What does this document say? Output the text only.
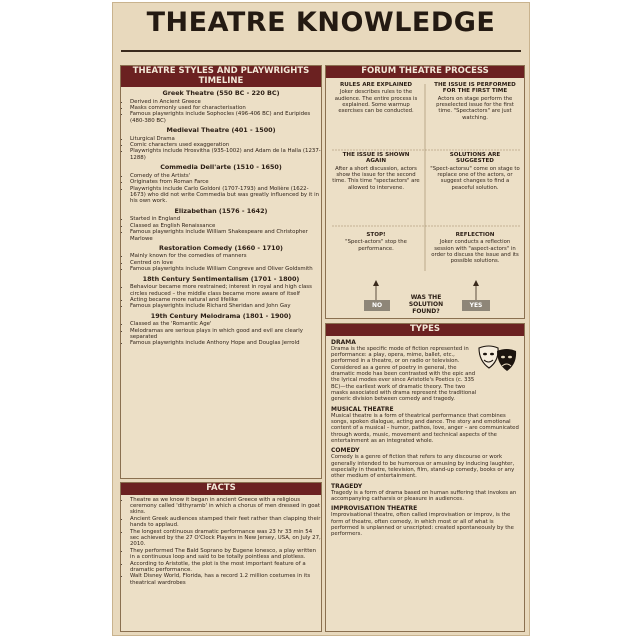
THEATRE KNOWLEDGE
THEATRE STYLES AND PLAYWRIGHTS TIMELINE
Greek Theatre (550 BC - 220 BC)
• Derived in Ancient Greece
• Masks commonly used for characterisation
• Famous playwrights include Sophocles (496-406 BC) and Euripides (480-380 BC)
Medieval Theatre (401 - 1500)
• Liturgical Drama
• Comic characters used exaggeration
• Playwrights include Hrosvitha (935-1002) and Adam de la Halla (1237-1288)
Commedia Dell'arte (1510 - 1650)
• Comedy of the Artists'
• Originates from Roman Farce
• Playwrights include Carlo Goldoni (1707-1793) and Molière (1622-1673) who did not write Commedia but was greatly influenced by it in his own work.
Elizabethan (1576 - 1642)
• Started in England
• Classed as English Renaissance
• Famous playwrights include William Shakespeare and Christopher Marlowe
Restoration Comedy (1660 - 1710)
• Mainly known for the comedies of manners
• Centred on love
• Famous playwrights include William Congreve and Oliver Goldsmith
18th Century Sentimentalism (1701 - 1800)
• Behaviour became more restrained; interest in royal and high class circles reduced – the middle class became more aware of itself
• Acting became more natural and lifelike
• Famous playwrights include Richard Sheridan and John Gay
19th Century Melodrama (1801 - 1900)
• Classed as the 'Romantic Age'
• Melodramas are serious plays in which good and evil are clearly separated
• Famous playwrights include Anthony Hope and Douglas Jerrold
FACTS
• Theatre as we know it began in ancient Greece with a religious ceremony called 'dithyramb' in which a chorus of men dressed in goat skins.
• Ancient Greek audiences stamped their feet rather than clapping their hands to applaud.
• The longest continuous dramatic performance was 23 hr 33 min 54 sec achieved by the 27 O'Clock Players in New Jersey, USA, on July 27, 2010.
• They performed The Bald Soprano by Eugene Ionesco, a play written in a continuous loop and said to be totally pointless and plotless.
• According to Aristotle, the plot is the most important feature of a dramatic performance.
• Walt Disney World, Florida, has a record 1.2 million costumes in its theatrical wardrobes
FORUM THEATRE PROCESS
RULES ARE EXPLAINED
Joker describes rules to the audience. The entire process is explained. Some warmup exercises can be conducted.
THE ISSUE IS PERFORMED FOR THE FIRST TIME
Actors on stage perform the preselected issue for the first time. "Spectactors" are just watching.
THE ISSUE IS SHOWN AGAIN
After a short discussion, actors show the issue for the second time. This time "spectactors" are allowed to intervene.
SOLUTIONS ARE SUGGESTED
"Spect-actorsu" come on stage to replace one of the actors, or suggest changes to find a peaceful solution.
STOP!
"Spect-actors" stop the performance.
REFLECTION
Joker conducts a reflection session with "aspect-actors" in order to discuss the issue and its possible solutions.
NO
WAS THE SOLUTION FOUND?
YES
TYPES
DRAMA

Drama is the specific mode of fiction represented in performance: a play, opera, mime, ballet, etc., performed in a theatre, or on radio or television. Considered as a genre of poetry in general, the dramatic mode has been contrasted with the epic and the lyrical modes ever since Aristotle's Poetics (c. 335 BC)—the earliest work of dramatic theory. The two masks associated with drama represent the traditional generic division between comedy and tragedy.

MUSICAL THEATRE

Musical theatre is a form of theatrical performance that combines songs, spoken dialogue, acting and dance. The story and emotional content of a musical – humor, pathos, love, anger – are communicated through words, music, movement and technical aspects of the entertainment as an integrated whole.

COMEDY

Comedy is a genre of fiction that refers to any discourse or work generally intended to be humorous or amusing by inducing laughter, especially in theatre, television, film, stand-up comedy, books or any other medium of entertainment.

TRAGEDY

Tragedy is a form of drama based on human suffering that invokes an accompanying catharsis or pleasure in audiences.

IMPROVISATION THEATRE

Improvisational theatre, often called improvisation or improv, is the form of theatre, often comedy, in which most or all of what is performed is unplanned or unscripted: created spontaneously by the performers.
